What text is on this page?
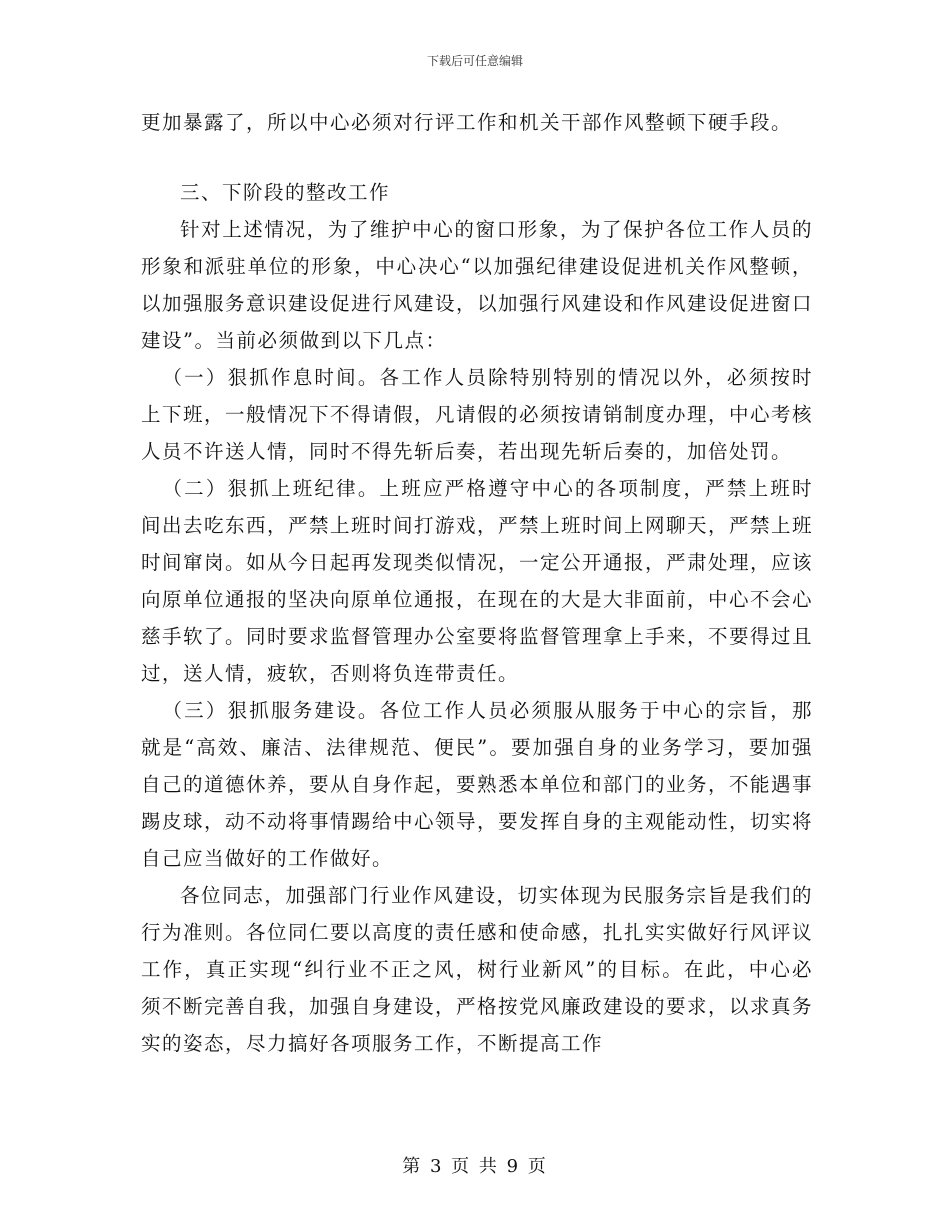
下载后可任意编辑

更加暴露了，所以中心必须对行评工作和机关干部作风整顿下硬手段。

三、下阶段的整改工作

针对上述情况，为了维护中心的窗口形象，为了保护各位工作人员的形象和派驻单位的形象，中心决心“以加强纪律建设促进机关作风整顿，以加强服务意识建设促进行风建设，以加强行风建设和作风建设促进窗口建设”。当前必须做到以下几点：

（一）狠抓作息时间。各工作人员除特别特别的情况以外，必须按时上下班，一般情况下不得请假，凡请假的必须按请销制度办理，中心考核人员不许送人情，同时不得先斩后奏，若出现先斩后奏的，加倍处罚。

（二）狠抓上班纪律。上班应严格遵守中心的各项制度，严禁上班时间出去吃东西，严禁上班时间打游戏，严禁上班时间上网聊天，严禁上班时间窜岗。如从今日起再发现类似情况，一定公开通报，严肃处理，应该向原单位通报的坚决向原单位通报，在现在的大是大非面前，中心不会心慈手软了。同时要求监督管理办公室要将监督管理拿上手来，不要得过且过，送人情，疲软，否则将负连带责任。

（三）狠抓服务建设。各位工作人员必须服从服务于中心的宗旨，那就是“高效、廉洁、法律规范、便民”。要加强自身的业务学习，要加强自己的道德休养，要从自身作起，要熟悉本单位和部门的业务，不能遇事踢皮球，动不动将事情踢给中心领导，要发挥自身的主观能动性，切实将自己应当做好的工作做好。

各位同志，加强部门行业作风建设，切实体现为民服务宗旨是我们的行为准则。各位同仁要以高度的责任感和使命感，扎扎实实做好行风评议工作，真正实现“纠行业不正之风，树行业新风”的目标。在此，中心必须不断完善自我，加强自身建设，严格按党风廉政建设的要求，以求真务实的姿态，尽力搞好各项服务工作，不断提高工作

第 3 页 共 9 页
